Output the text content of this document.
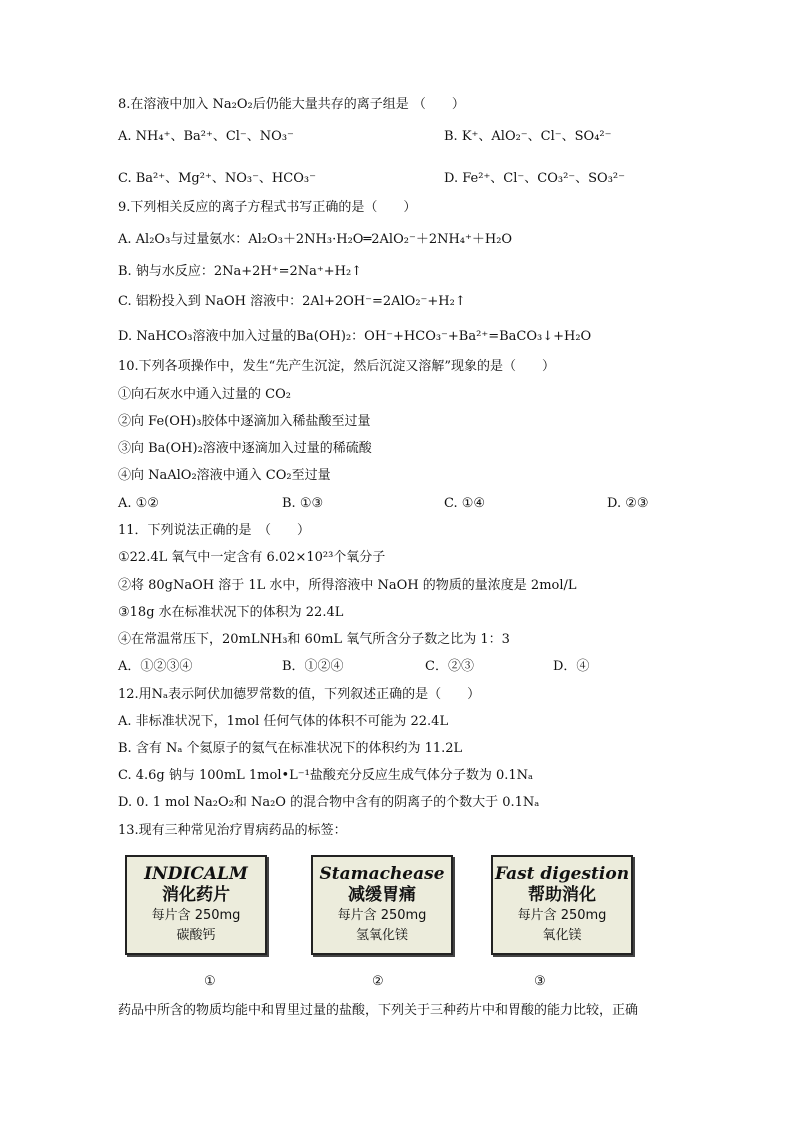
8.在溶液中加入 Na₂O₂后仍能大量共存的离子组是 （　　）
A. NH₄⁺、Ba²⁺、Cl⁻、NO₃⁻	B. K⁺、AlO₂⁻、Cl⁻、SO₄²⁻
C. Ba²⁺、Mg²⁺、NO₃⁻、HCO₃⁻	D. Fe²⁺、Cl⁻、CO₃²⁻、SO₃²⁻
9.下列相关反应的离子方程式书写正确的是（　　）
A. Al₂O₃与过量氨水：Al₂O₃＋2NH₃·H₂O═2AlO₂⁻＋2NH₄⁺＋H₂O
B. 钠与水反应：2Na+2H⁺=2Na⁺+H₂↑
C. 铝粉投入到 NaOH 溶液中：2Al+2OH⁻=2AlO₂⁻+H₂↑
D. NaHCO₃溶液中加入过量的Ba(OH)₂：OH⁻+HCO₃⁻+Ba²⁺=BaCO₃↓+H₂O
10.下列各项操作中，发生“先产生沉淀，然后沉淀又溶解”现象的是（　　）
①向石灰水中通入过量的 CO₂
②向 Fe(OH)₃胶体中逐滴加入稀盐酸至过量
③向 Ba(OH)₂溶液中逐滴加入过量的稀硫酸
④向 NaAlO₂溶液中通入 CO₂至过量
A. ①②	B. ①③	C. ①④	D. ②③
11．下列说法正确的是　（　　）
①22.4L 氧气中一定含有 6.02×10²³个氧分子
②将 80gNaOH 溶于 1L 水中，所得溶液中 NaOH 的物质的量浓度是 2mol/L
③18g 水在标准状况下的体积为 22.4L
④在常温常压下，20mLNH₃和 60mL 氧气所含分子数之比为 1：3
A．①②③④	B．①②④	C．②③	D．④
12.用Nₐ表示阿伏加德罗常数的值，下列叙述正确的是（　　）
A. 非标准状况下，1mol 任何气体的体积不可能为 22.4L
B. 含有 Nₐ 个氦原子的氦气在标准状况下的体积约为 11.2L
C. 4.6g 钠与 100mL 1mol•L⁻¹盐酸充分反应生成气体分子数为 0.1Nₐ
D. 0. 1 mol Na₂O₂和 Na₂O 的混合物中含有的阴离子的个数大于 0.1Nₐ
13.现有三种常见治疗胃病药品的标签：
INDICALM
消化药片
每片含 250mg
碳酸钙
Stamachease
减缓胃痛
每片含 250mg
氢氧化镁
Fast digestion
帮助消化
每片含 250mg
氧化镁
①	②	③
药品中所含的物质均能中和胃里过量的盐酸，下列关于三种药片中和胃酸的能力比较，正确
